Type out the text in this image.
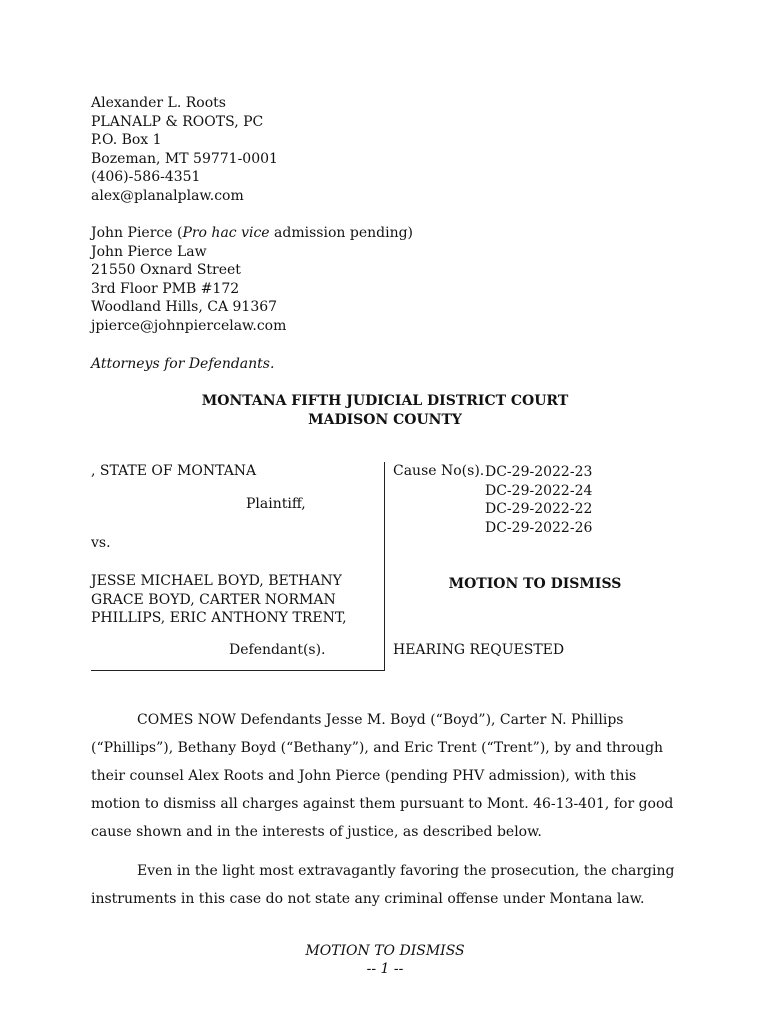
Alexander L. Roots
PLANALP & ROOTS, PC
P.O. Box 1
Bozeman, MT 59771-0001
(406)-586-4351
alex@planalplaw.com
John Pierce (Pro hac vice admission pending)
John Pierce Law
21550 Oxnard Street
3rd Floor PMB #172
Woodland Hills, CA 91367
jpierce@johnpiercelaw.com
Attorneys for Defendants.
MONTANA FIFTH JUDICIAL DISTRICT COURT
MADISON COUNTY
, STATE OF MONTANA
Plaintiff,
vs.
JESSE MICHAEL BOYD, BETHANY
GRACE BOYD, CARTER NORMAN
PHILLIPS, ERIC ANTHONY TRENT,
Defendant(s).
Cause No(s). DC-29-2022-23
DC-29-2022-24
DC-29-2022-22
DC-29-2022-26
MOTION TO DISMISS
HEARING REQUESTED
COMES NOW Defendants Jesse M. Boyd (“Boyd”), Carter N. Phillips
(“Phillips”), Bethany Boyd (“Bethany”), and Eric Trent (“Trent”), by and through
their counsel Alex Roots and John Pierce (pending PHV admission), with this
motion to dismiss all charges against them pursuant to Mont. 46-13-401, for good
cause shown and in the interests of justice, as described below.
Even in the light most extravagantly favoring the prosecution, the charging
instruments in this case do not state any criminal offense under Montana law.
MOTION TO DISMISS
-- 1 --
